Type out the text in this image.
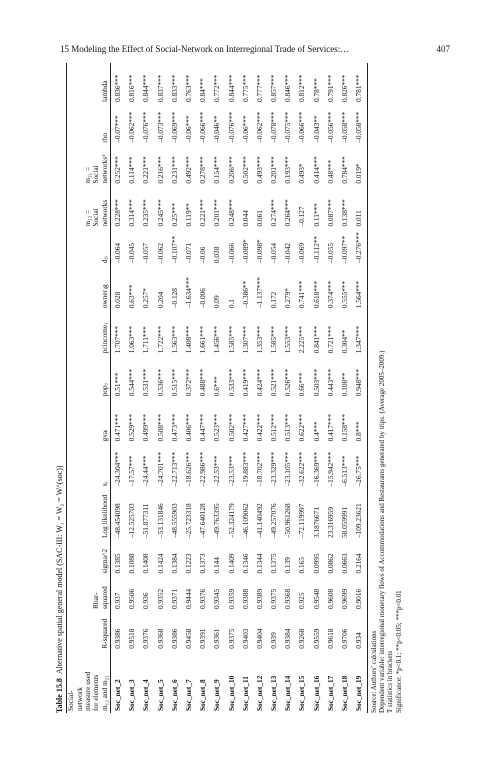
15 Modeling the Effect of Social-Network on Interregional Trade of Services:…	407
Table 15.8  Alternative spatial general model (SAC-III: W₁ = W₂ = W^(soc))
Social-														
network														
measure used											m₁₂ =	m₂₁ =		
for elements		Rbar-									Social	Social		
m₁₂ and m₂₁	R-squared	squared	sigma^2	Log likelihood	xᵢ	gvaᵢ	popⱼ	pcincomeⱼ	ownerⱼg	dⱼᵢ	networks	networks¹	rho	lambda
Soc_net_2	0.9386	0.937	0.1385	–48.454098	–24.304***	0.471***	0.51***	1.707***	0.028	–0.064	0.228***	0.252***	–0.07***	0.836***
Soc_net_3	0.9518	0.9506	0.1088	–12.525703	–17.57***	0.529***	0.544***	1.063***	0.63***	–0.045	0.314***	0.114***	–0.062***	0.816***
Soc_net_4	0.9376	0.936	0.1408	–51.877311	–24.44***	0.499***	0.531***	1.711***	0.257*	–0.057	0.235***	0.221***	–0.076***	0.844***
Soc_net_5	0.9368	0.9352	0.1424	–53.131846	–24.701***	0.508***	0.536***	1.722***	0.204	–0.062	0.245***	0.216***	–0.073***	0.837***
Soc_net_6	0.9386	0.9371	0.1384	–48.555903	–22.713***	0.473***	0.515***	1.563***	–0.128	–0.107**	0.25***	0.231***	–0.069***	0.833***
Soc_net_7	0.9458	0.9444	0.1223	–25.723318	–18.626***	0.406***	0.372***	1.408***	–1.634***	–0.071	0.119**	0.492***	–0.06***	0.763***
Soc_net_8	0.9391	0.9376	0.1373	–47.640128	–22.986***	0.447***	0.488***	1.661***	–0.006	–0.06	0.221***	0.278***	–0.066***	0.84***
Soc_net_9	0.9361	0.9345	0.144	–49.763395	–22.53***	0.523***	0.6***	1.456***	0.09	0.038	0.201***	0.154***	–0.046**	0.772***
Soc_net_10	0.9375	0.9359	0.1409	–52.324179	–23.53***	0.502***	0.533***	1.585***	0.1	–0.066	0.248***	0.206***	–0.076***	0.844***
Soc_net_11	0.9403	0.9388	0.1346	–46.109062	–19.883***	0.427***	0.419***	1.307***	–0.386**	–0.089*	0.044	0.502***	–0.06***	0.775***
Soc_net_12	0.9404	0.9389	0.1344	–41.140492	–18.702***	0.422***	0.424***	1.353***	–1.137***	–0.098*	0.061	0.493***	–0.062***	0.777***
Soc_net_13	0.939	0.9375	0.1375	–49.257076	–23.329***	0.512***	0.521***	1.585***	0.172	–0.054	0.274***	0.201***	–0.078***	0.857***
Soc_net_14	0.9384	0.9368	0.139	–50.961268	–23.105***	0.513***	0.526***	1.553***	0.279*	–0.042	0.264***	0.193***	–0.075***	0.846***
Soc_net_15	0.9268	0.925	0.165	–72.119997	–32.622***	0.622***	0.66***	2.225***	0.741***	–0.069	–0.127	0.493*	–0.066***	0.812***
Soc_net_16	0.9559	0.9548	0.0995	3.1876671	–16.369***	0.4***	0.503***	0.841***	0.618***	–0.112**	0.11***	0.414***	–0.043**	0.78***
Soc_net_17	0.9618	0.9608	0.0862	23.316959	–15.942***	0.417***	0.443***	0.721***	0.374***	–0.055	0.087***	0.48***	–0.056***	0.791***
Soc_net_18	0.9706	0.9699	0.0663	58.059991	–6.513***	0.158***	0.108**	0.304**	0.555***	–0.097**	0.138***	0.784***	–0.058***	0.826***
Soc_net_19	0.934	0.9016	0.2164	–109.23621	–26.75***	0.8***	0.948***	1.347***	1.564***	–0.276***	0.011	0.019*	–0.058***	0.781***
Source: Authors’ calculations Dependent variable: interregional monetary flows of Accommodations and Restaurants generated by trips. (Average 2005–2009.) T statistics in brackets Significance: *p<0.1; **p<0.05; ***p<0.01
